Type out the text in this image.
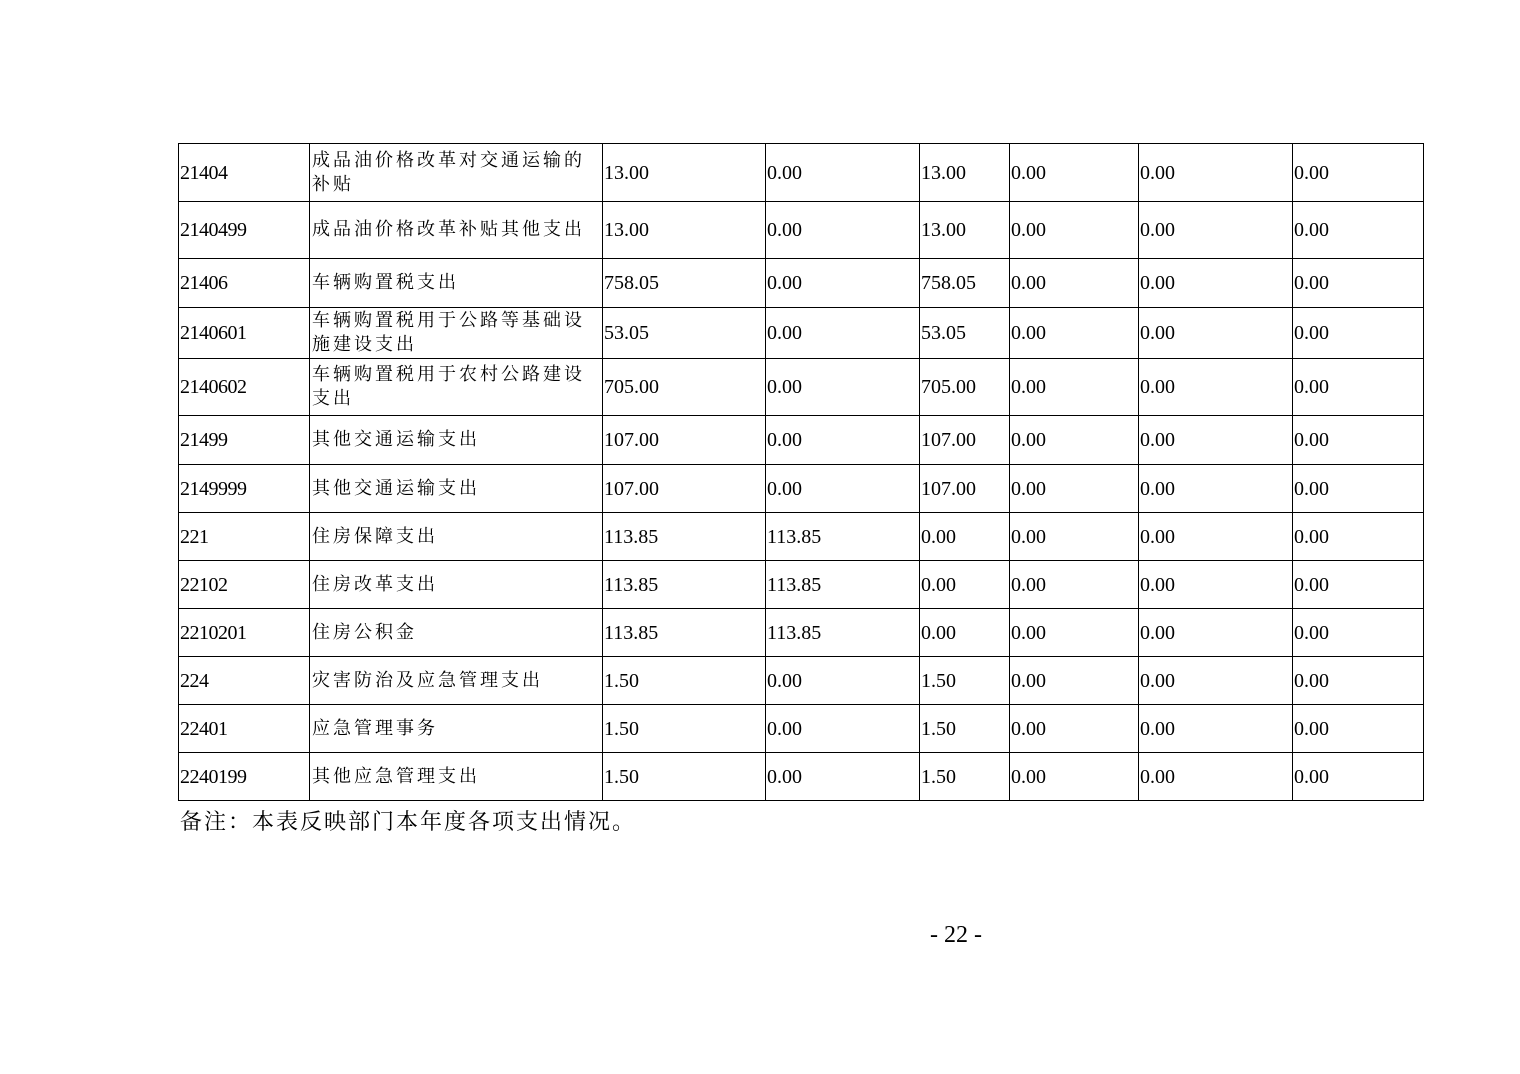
21404	成品油价格改革对交通运输的补贴	13.00	0.00	13.00	0.00	0.00	0.00
2140499	成品油价格改革补贴其他支出	13.00	0.00	13.00	0.00	0.00	0.00
21406	车辆购置税支出	758.05	0.00	758.05	0.00	0.00	0.00
2140601	车辆购置税用于公路等基础设施建设支出	53.05	0.00	53.05	0.00	0.00	0.00
2140602	车辆购置税用于农村公路建设支出	705.00	0.00	705.00	0.00	0.00	0.00
21499	其他交通运输支出	107.00	0.00	107.00	0.00	0.00	0.00
2149999	其他交通运输支出	107.00	0.00	107.00	0.00	0.00	0.00
221	住房保障支出	113.85	113.85	0.00	0.00	0.00	0.00
22102	住房改革支出	113.85	113.85	0.00	0.00	0.00	0.00
2210201	住房公积金	113.85	113.85	0.00	0.00	0.00	0.00
224	灾害防治及应急管理支出	1.50	0.00	1.50	0.00	0.00	0.00
22401	应急管理事务	1.50	0.00	1.50	0.00	0.00	0.00
2240199	其他应急管理支出	1.50	0.00	1.50	0.00	0.00	0.00
备注：本表反映部门本年度各项支出情况。
- 22 -
